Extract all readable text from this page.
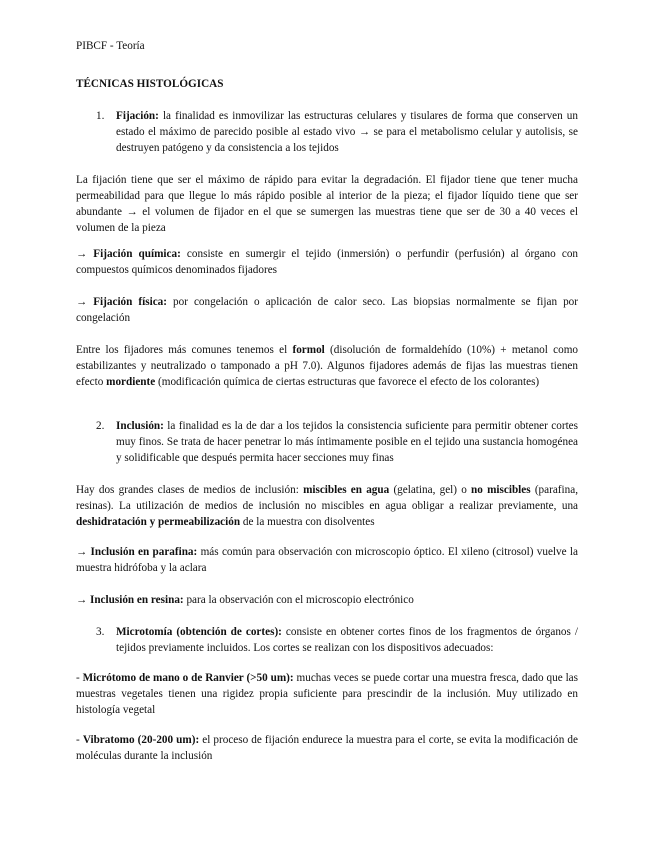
PIBCF - Teoría
TÉCNICAS HISTOLÓGICAS
1. Fijación: la finalidad es inmovilizar las estructuras celulares y tisulares de forma que conserven un estado el máximo de parecido posible al estado vivo → se para el metabolismo celular y autolisis, se destruyen patógeno y da consistencia a los tejidos
La fijación tiene que ser el máximo de rápido para evitar la degradación. El fijador tiene que tener mucha permeabilidad para que llegue lo más rápido posible al interior de la pieza; el fijador líquido tiene que ser abundante → el volumen de fijador en el que se sumergen las muestras tiene que ser de 30 a 40 veces el volumen de la pieza
→ Fijación química: consiste en sumergir el tejido (inmersión) o perfundir (perfusión) al órgano con compuestos químicos denominados fijadores
→ Fijación física: por congelación o aplicación de calor seco. Las biopsias normalmente se fijan por congelación
Entre los fijadores más comunes tenemos el formol (disolución de formaldehído (10%) + metanol como estabilizantes y neutralizado o tamponado a pH 7.0). Algunos fijadores además de fijas las muestras tienen efecto mordiente (modificación química de ciertas estructuras que favorece el efecto de los colorantes)
2. Inclusión: la finalidad es la de dar a los tejidos la consistencia suficiente para permitir obtener cortes muy finos. Se trata de hacer penetrar lo más íntimamente posible en el tejido una sustancia homogénea y solidificable que después permita hacer secciones muy finas
Hay dos grandes clases de medios de inclusión: miscibles en agua (gelatina, gel) o no miscibles (parafina, resinas). La utilización de medios de inclusión no miscibles en agua obligar a realizar previamente, una deshidratación y permeabilización de la muestra con disolventes
→ Inclusión en parafina: más común para observación con microscopio óptico. El xileno (citrosol) vuelve la muestra hidrófoba y la aclara
→ Inclusión en resina: para la observación con el microscopio electrónico
3. Microtomía (obtención de cortes): consiste en obtener cortes finos de los fragmentos de órganos / tejidos previamente incluidos. Los cortes se realizan con los dispositivos adecuados:
- Micrótomo de mano o de Ranvier (>50 um): muchas veces se puede cortar una muestra fresca, dado que las muestras vegetales tienen una rigidez propia suficiente para prescindir de la inclusión. Muy utilizado en histología vegetal
- Vibratomo (20-200 um): el proceso de fijación endurece la muestra para el corte, se evita la modificación de moléculas durante la inclusión
